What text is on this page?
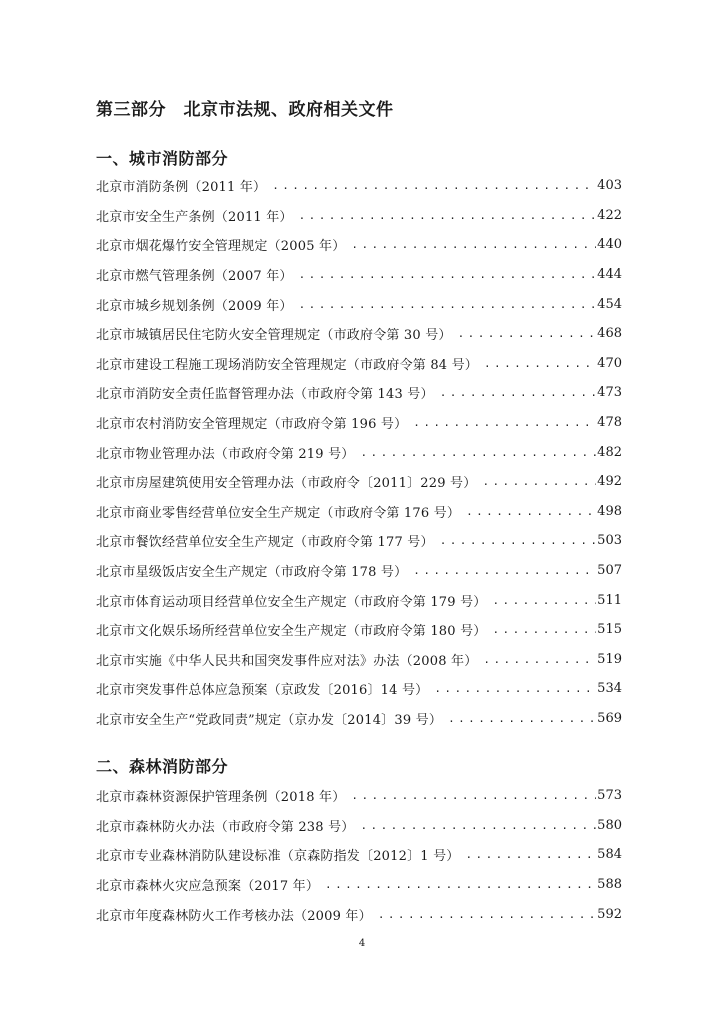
第三部分　北京市法规、政府相关文件
一、城市消防部分
北京市消防条例（2011 年） . . .	403
北京市安全生产条例（2011 年） . . .	422
北京市烟花爆竹安全管理规定（2005 年） . . .	440
北京市燃气管理条例（2007 年） . . .	444
北京市城乡规划条例（2009 年） . . .	454
北京市城镇居民住宅防火安全管理规定（市政府令第 30 号） . . .	468
北京市建设工程施工现场消防安全管理规定（市政府令第 84 号） . . .	470
北京市消防安全责任监督管理办法（市政府令第 143 号） . . .	473
北京市农村消防安全管理规定（市政府令第 196 号） . . .	478
北京市物业管理办法（市政府令第 219 号） . . .	482
北京市房屋建筑使用安全管理办法（市政府令〔2011〕229 号） . . .	492
北京市商业零售经营单位安全生产规定（市政府令第 176 号） . . .	498
北京市餐饮经营单位安全生产规定（市政府令第 177 号） . . .	503
北京市星级饭店安全生产规定（市政府令第 178 号） . . .	507
北京市体育运动项目经营单位安全生产规定（市政府令第 179 号） . . .	511
北京市文化娱乐场所经营单位安全生产规定（市政府令第 180 号） . . .	515
北京市实施《中华人民共和国突发事件应对法》办法（2008 年） . . .	519
北京市突发事件总体应急预案（京政发〔2016〕14 号） . . .	534
北京市安全生产“党政同责”规定（京办发〔2014〕39 号） . . .	569
二、森林消防部分
北京市森林资源保护管理条例（2018 年） . . .	573
北京市森林防火办法（市政府令第 238 号） . . .	580
北京市专业森林消防队建设标准（京森防指发〔2012〕1 号） . . .	584
北京市森林火灾应急预案（2017 年） . . .	588
北京市年度森林防火工作考核办法（2009 年） . . .	592
4
